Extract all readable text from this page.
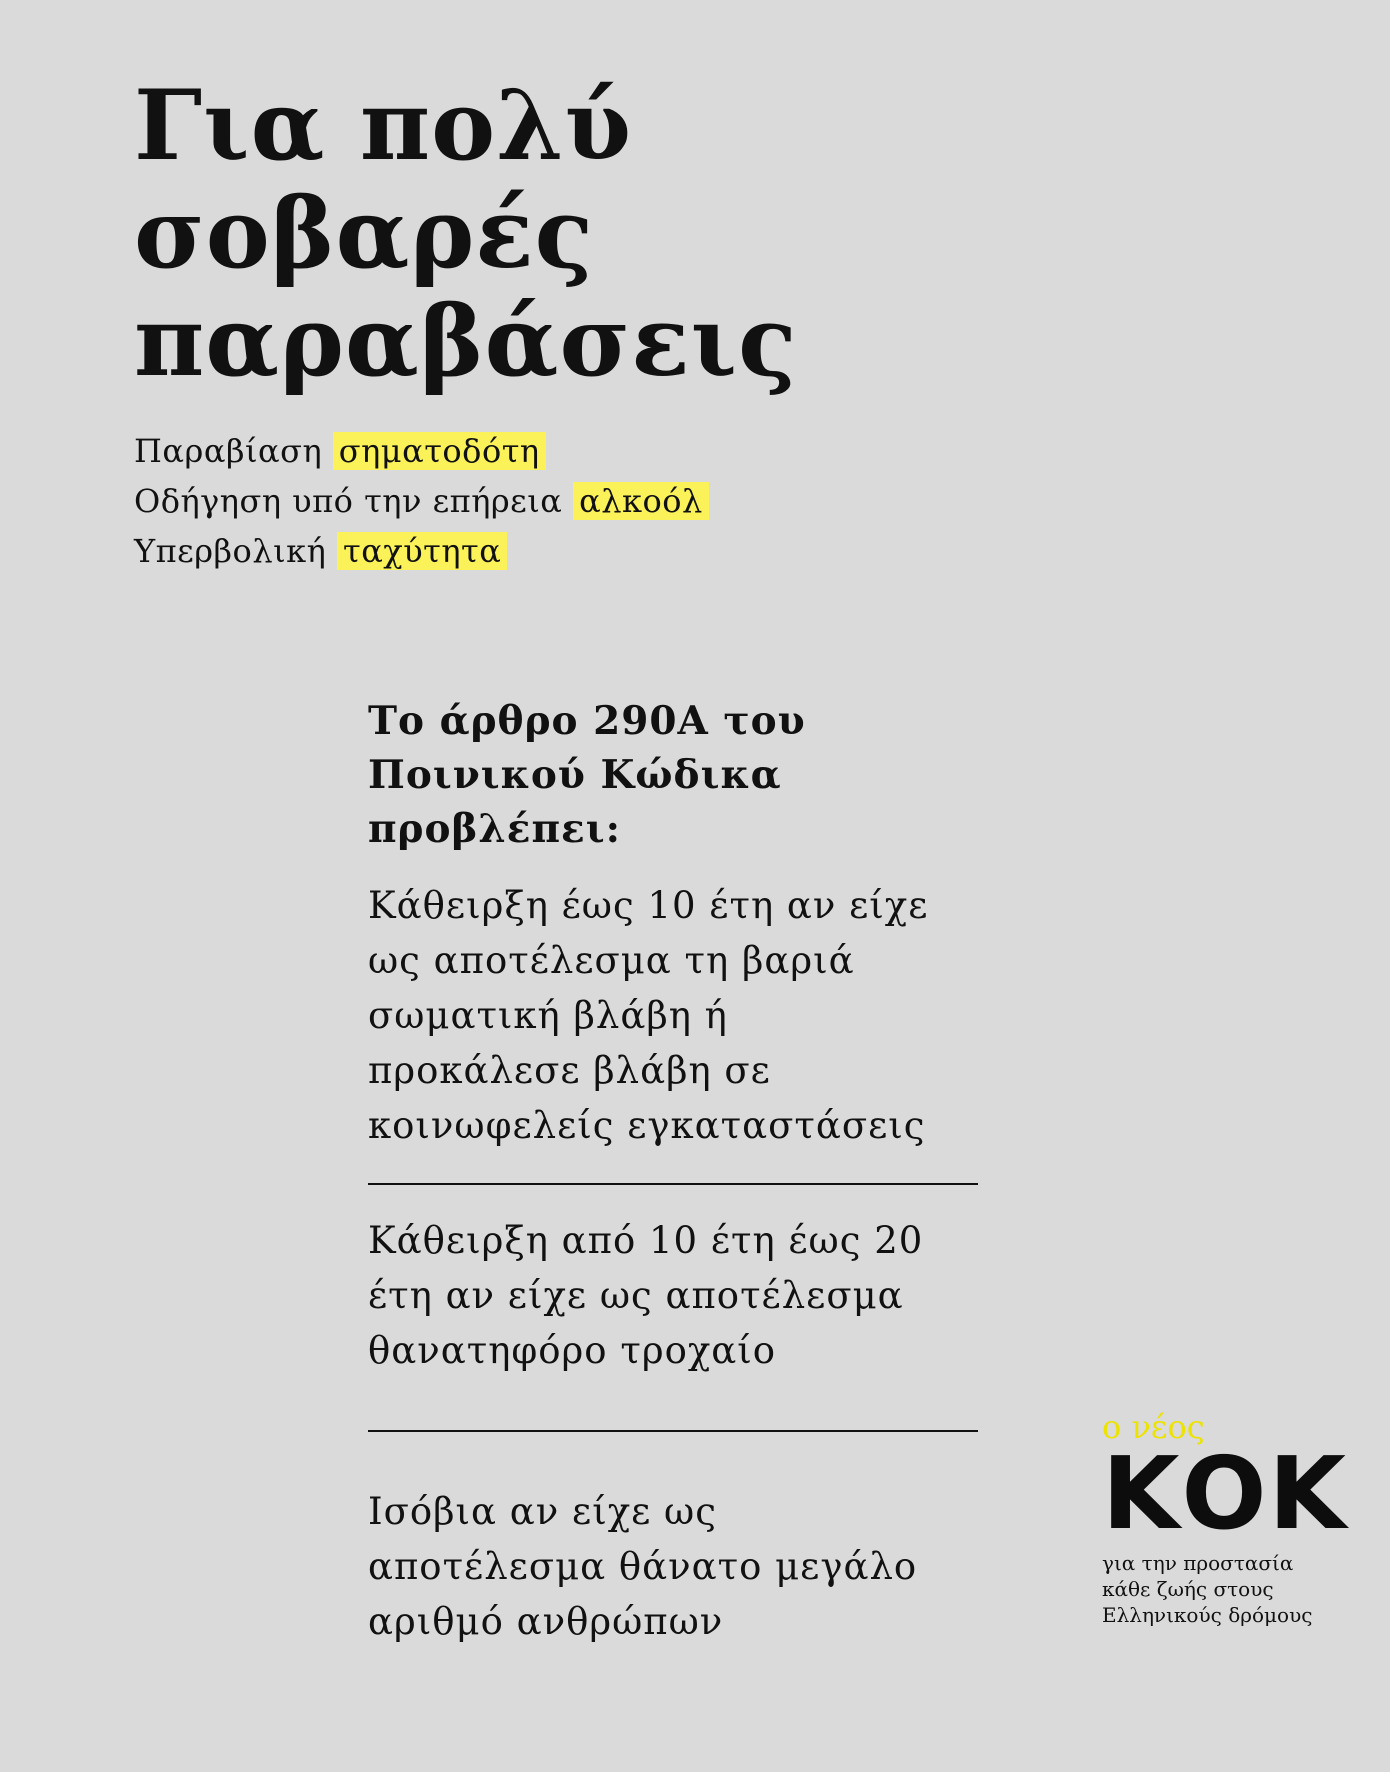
Για πολύ
σοβαρές
παραβάσεις
Παραβίαση σηματοδότη
Οδήγηση υπό την επήρεια αλκοόλ
Υπερβολική ταχύτητα
Το άρθρο 290Α του
Ποινικού Κώδικα προβλέπει:
Κάθειρξη έως 10 έτη αν είχε
ως αποτέλεσμα τη βαριά
σωματική βλάβη ή
προκάλεσε βλάβη σε
κοινωφελείς εγκαταστάσεις
Κάθειρξη από 10 έτη έως 20
έτη αν είχε ως αποτέλεσμα
θανατηφόρο τροχαίο
Ισόβια αν είχε ως
αποτέλεσμα θάνατο μεγάλο
αριθμό ανθρώπων
ο νέος
ΚΟΚ
για την προστασία
κάθε ζωής στους
Ελληνικούς δρόμους
